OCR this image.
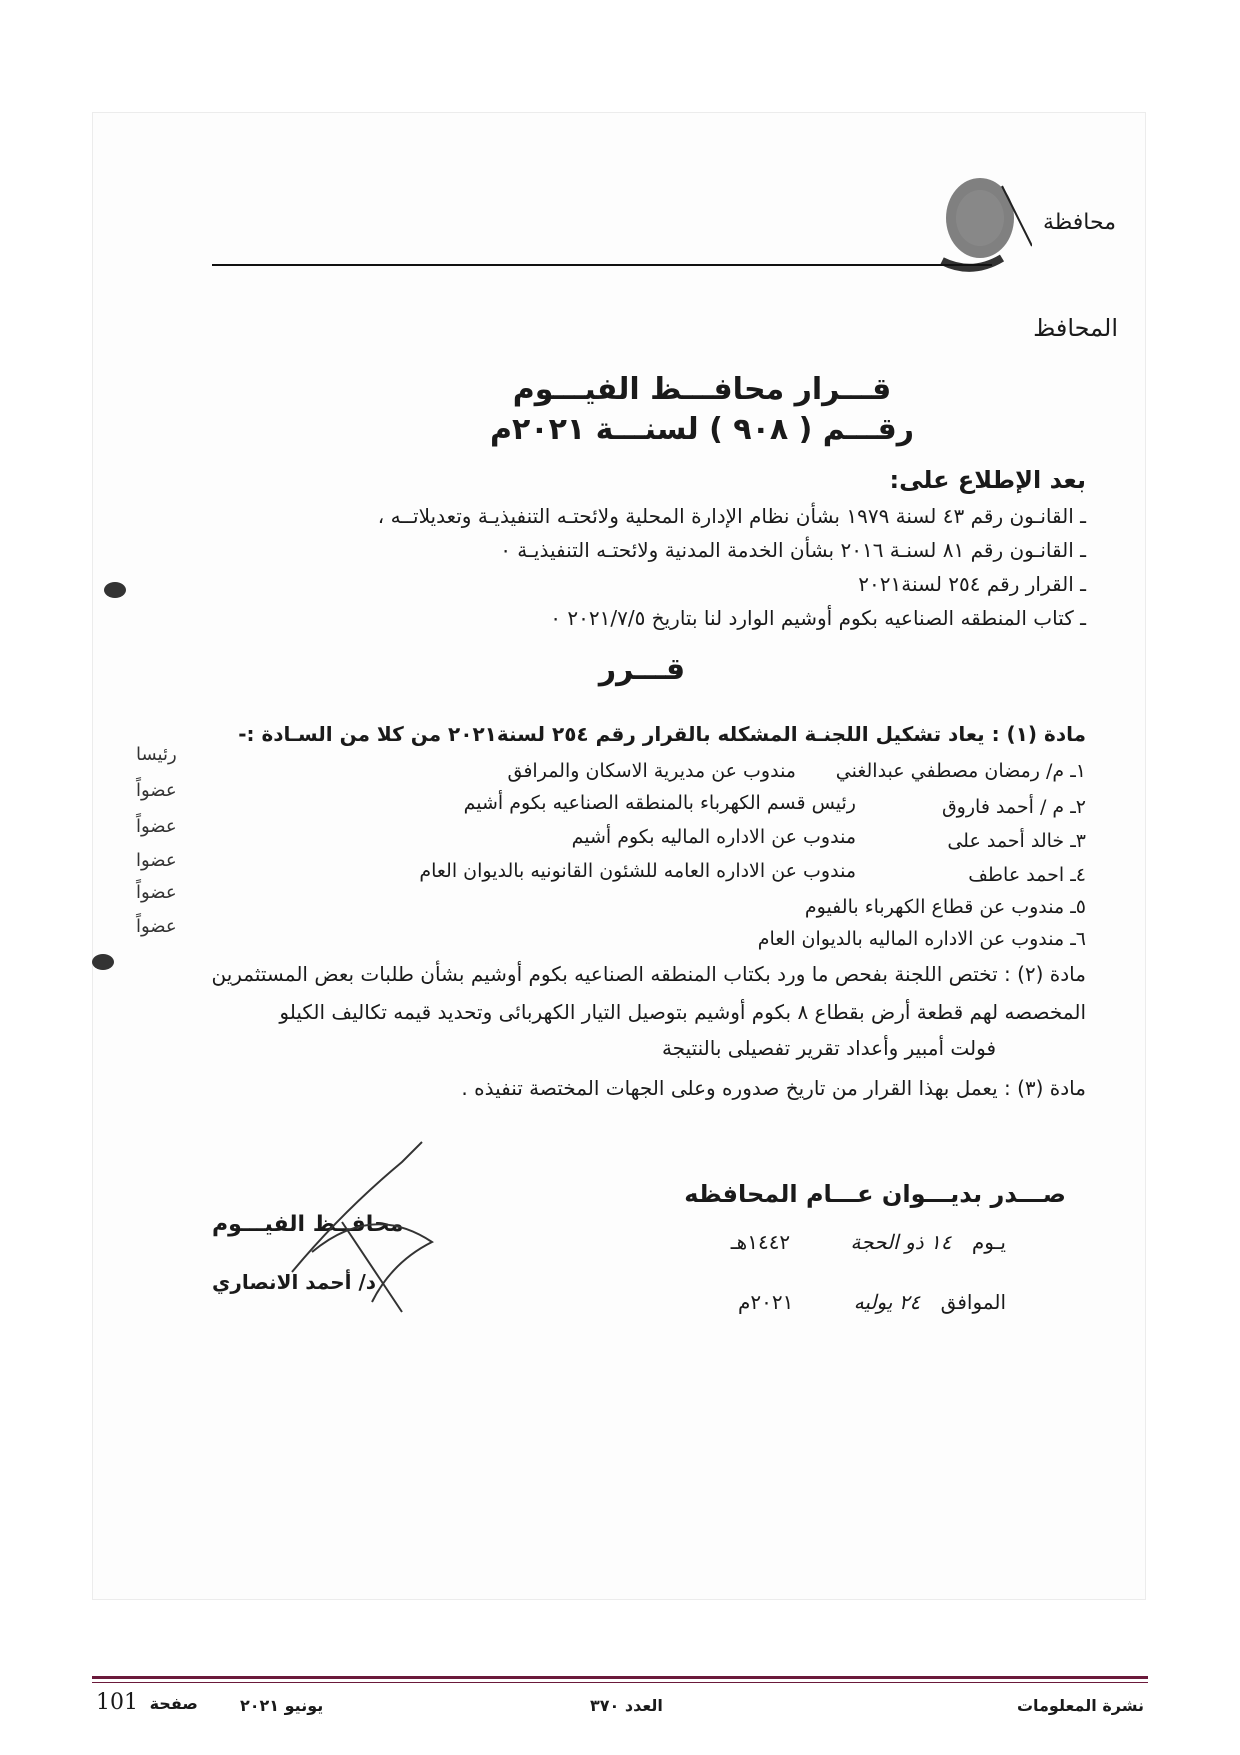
محافظة
المحافظ
قـــرار محافـــظ الفيـــوم
رقـــم ( ٩٠٨ ) لسنـــة ٢٠٢١م
بعد الإطلاع على:
ـ القانـون رقم ٤٣ لسنة ١٩٧٩ بشأن نظام الإدارة المحلية ولائحتـه التنفيذيـة وتعديلاتــه ،
ـ القانـون رقم ٨١ لسنـة ٢٠١٦ بشأن الخدمة المدنية ولائحتـه التنفيذيـة ٠
ـ القرار رقم ٢٥٤ لسنة٢٠٢١
ـ كتاب المنطقه الصناعيه بكوم أوشيم الوارد لنا بتاريخ ٢٠٢١/٧/٥ ٠
قـــرر
مادة (١) : يعاد تشكيل اللجنـة المشكله بالقرار رقم ٢٥٤ لسنة٢٠٢١ من كلا من السـادة :-
١ـ م/ رمضان مصطفي عبدالغني
مندوب عن مديرية الاسكان والمرافق
رئيسا
٢ـ م / أحمد فاروق
رئيس قسم الكهرباء بالمنطقه الصناعيه بكوم أشيم
عضواً
٣ـ خالد أحمد على
مندوب عن الاداره الماليه بكوم أشيم
عضواً
٤ـ احمد عاطف
مندوب عن الاداره العامه للشئون القانونيه بالديوان العام
عضوا
٥ـ مندوب عن قطاع الكهرباء بالفيوم
عضواً
٦ـ مندوب عن الاداره الماليه بالديوان العام
عضواً
مادة (٢) : تختص اللجنة بفحص ما ورد بكتاب المنطقه الصناعيه بكوم أوشيم بشأن طلبات بعض المستثمرين
المخصصه لهم قطعة أرض بقطاع ٨ بكوم أوشيم بتوصيل التيار الكهربائى وتحديد قيمه تكاليف الكيلو
فولت أمبير وأعداد تقرير تفصيلى بالنتيجة
مادة (٣) : يعمل بهذا القرار من تاريخ صدوره وعلى الجهات المختصة تنفيذه .
صـــدر بديـــوان عـــام المحافظه
يـوم ١٤ ذو الحجة ١٤٤٢هـ
الموافق ٢٤ يوليه ٢٠٢١م
محافــظ الفيـــوم
د/ أحمد الانصاري
نشرة المعلومات
العدد ٣٧٠
يونيو ٢٠٢١
101 صفحة
